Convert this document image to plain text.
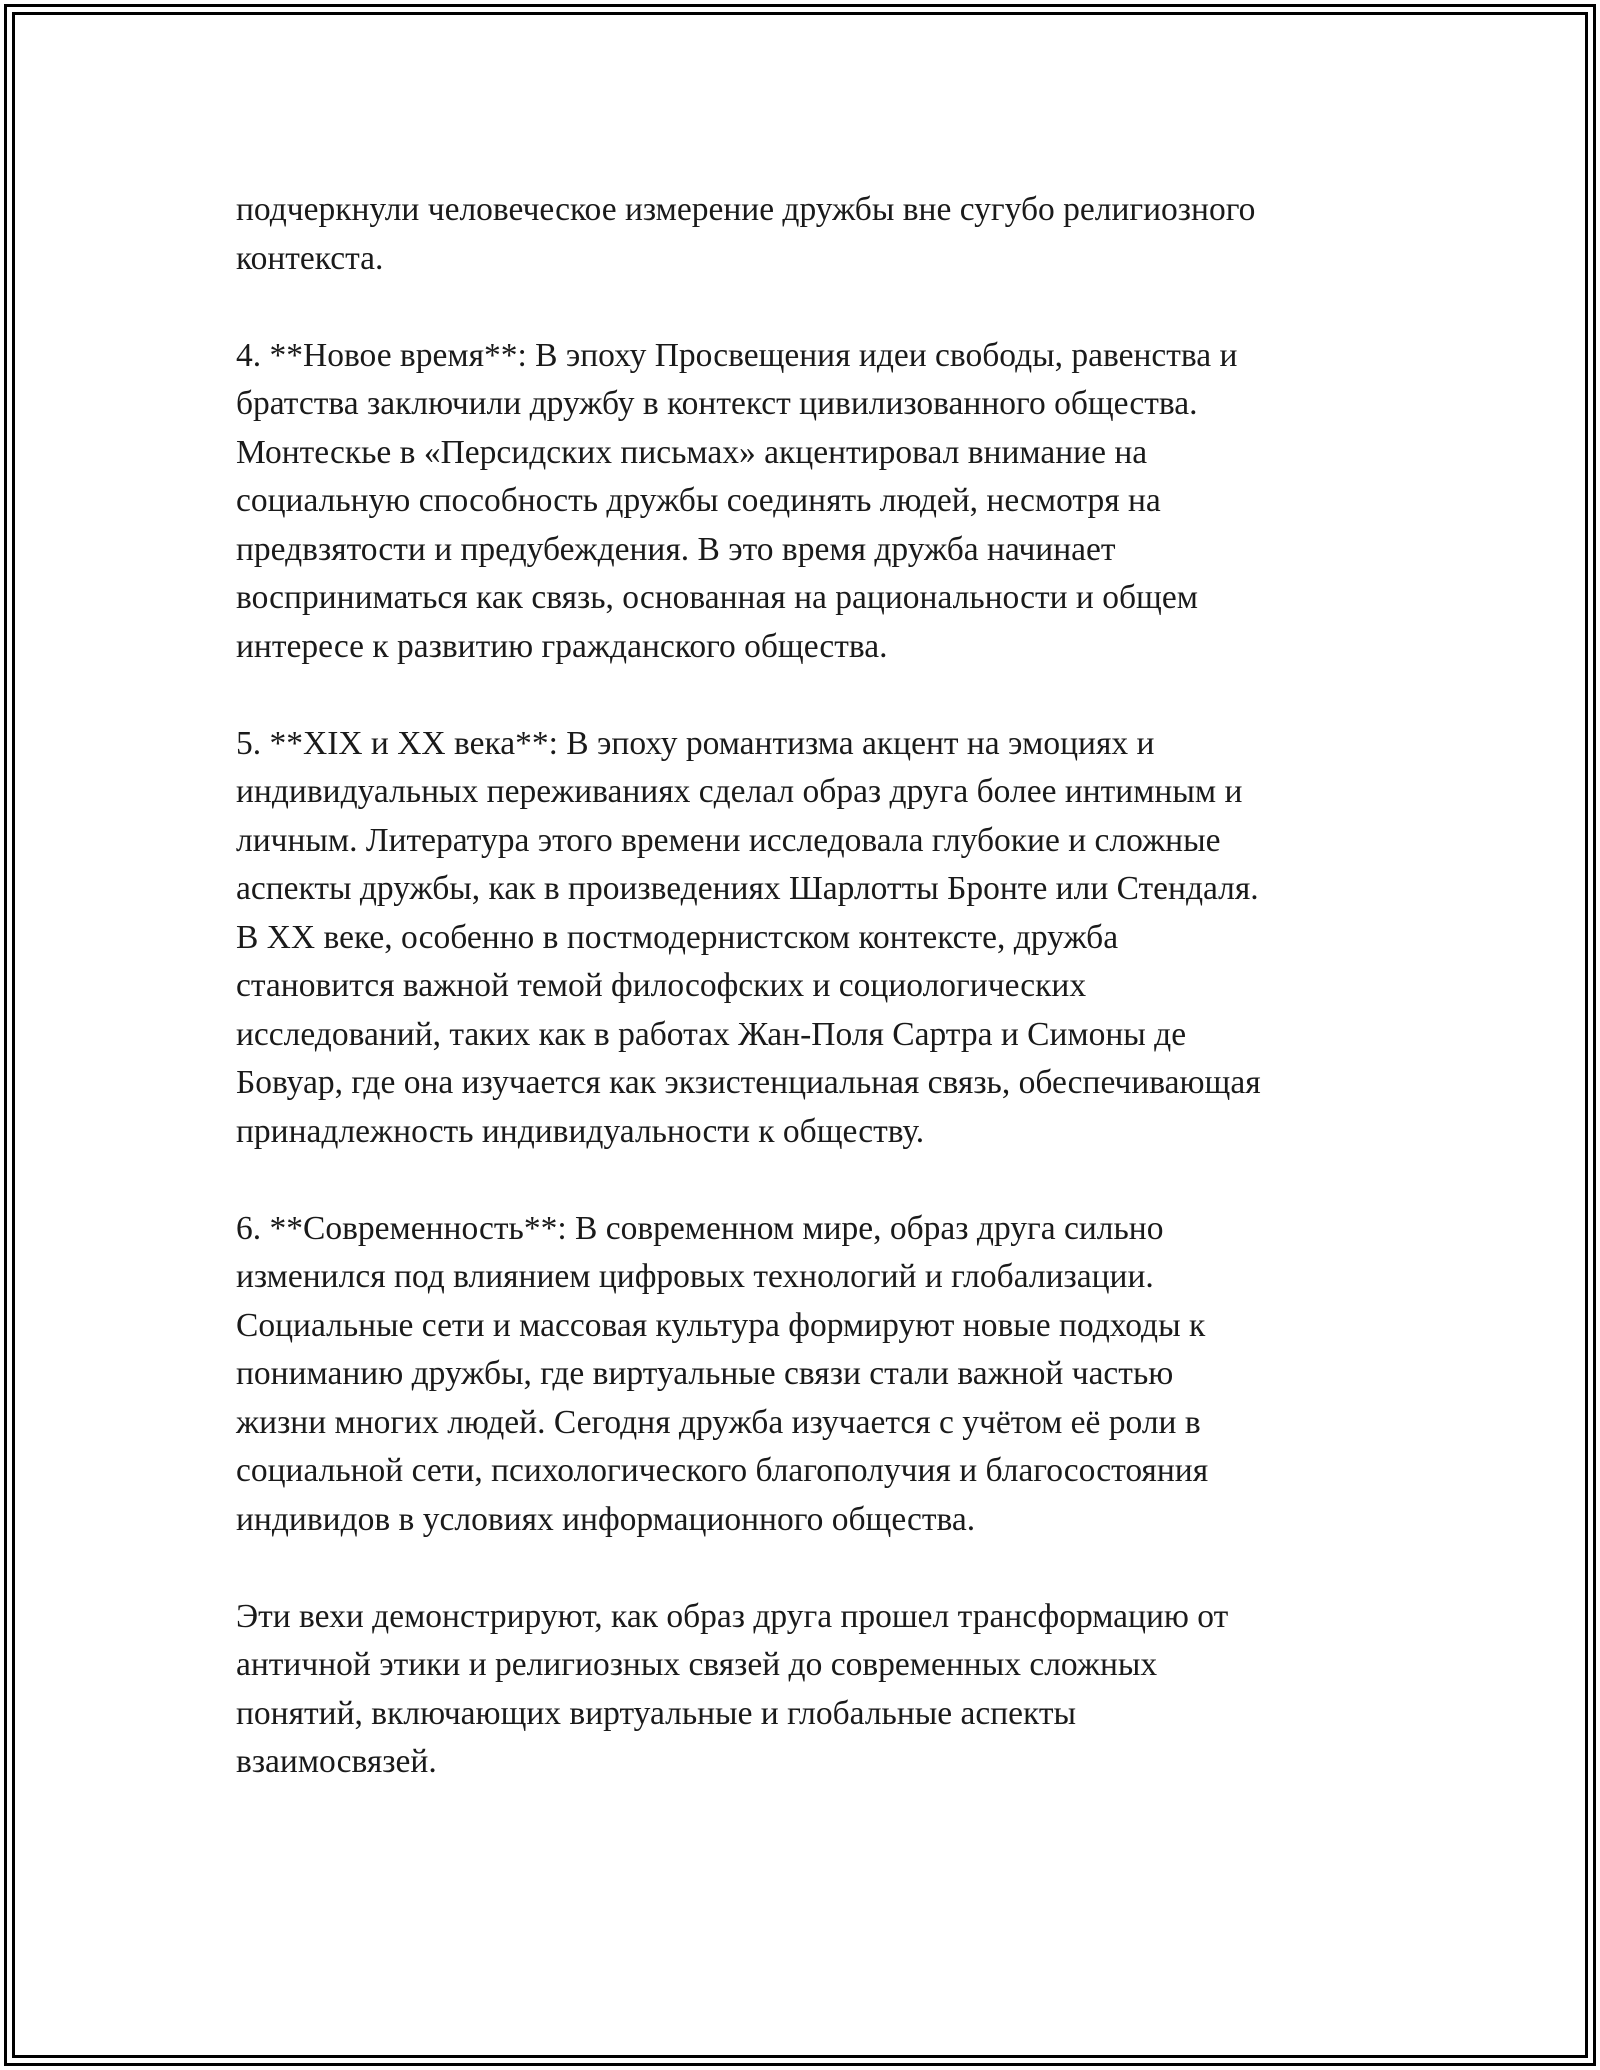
подчеркнули человеческое измерение дружбы вне сугубо религиозного
контекста.

4. **Новое время**: В эпоху Просвещения идеи свободы, равенства и
братства заключили дружбу в контекст цивилизованного общества.
Монтескье в «Персидских письмах» акцентировал внимание на
социальную способность дружбы соединять людей, несмотря на
предвзятости и предубеждения. В это время дружба начинает
восприниматься как связь, основанная на рациональности и общем
интересе к развитию гражданского общества.

5. **XIX и XX века**: В эпоху романтизма акцент на эмоциях и
индивидуальных переживаниях сделал образ друга более интимным и
личным. Литература этого времени исследовала глубокие и сложные
аспекты дружбы, как в произведениях Шарлотты Бронте или Стендаля.
В XX веке, особенно в постмодернистском контексте, дружба
становится важной темой философских и социологических
исследований, таких как в работах Жан-Поля Сартра и Симоны де
Бовуар, где она изучается как экзистенциальная связь, обеспечивающая
принадлежность индивидуальности к обществу.

6. **Современность**: В современном мире, образ друга сильно
изменился под влиянием цифровых технологий и глобализации.
Социальные сети и массовая культура формируют новые подходы к
пониманию дружбы, где виртуальные связи стали важной частью
жизни многих людей. Сегодня дружба изучается с учётом её роли в
социальной сети, психологического благополучия и благосостояния
индивидов в условиях информационного общества.

Эти вехи демонстрируют, как образ друга прошел трансформацию от
античной этики и религиозных связей до современных сложных
понятий, включающих виртуальные и глобальные аспекты
взаимосвязей.
